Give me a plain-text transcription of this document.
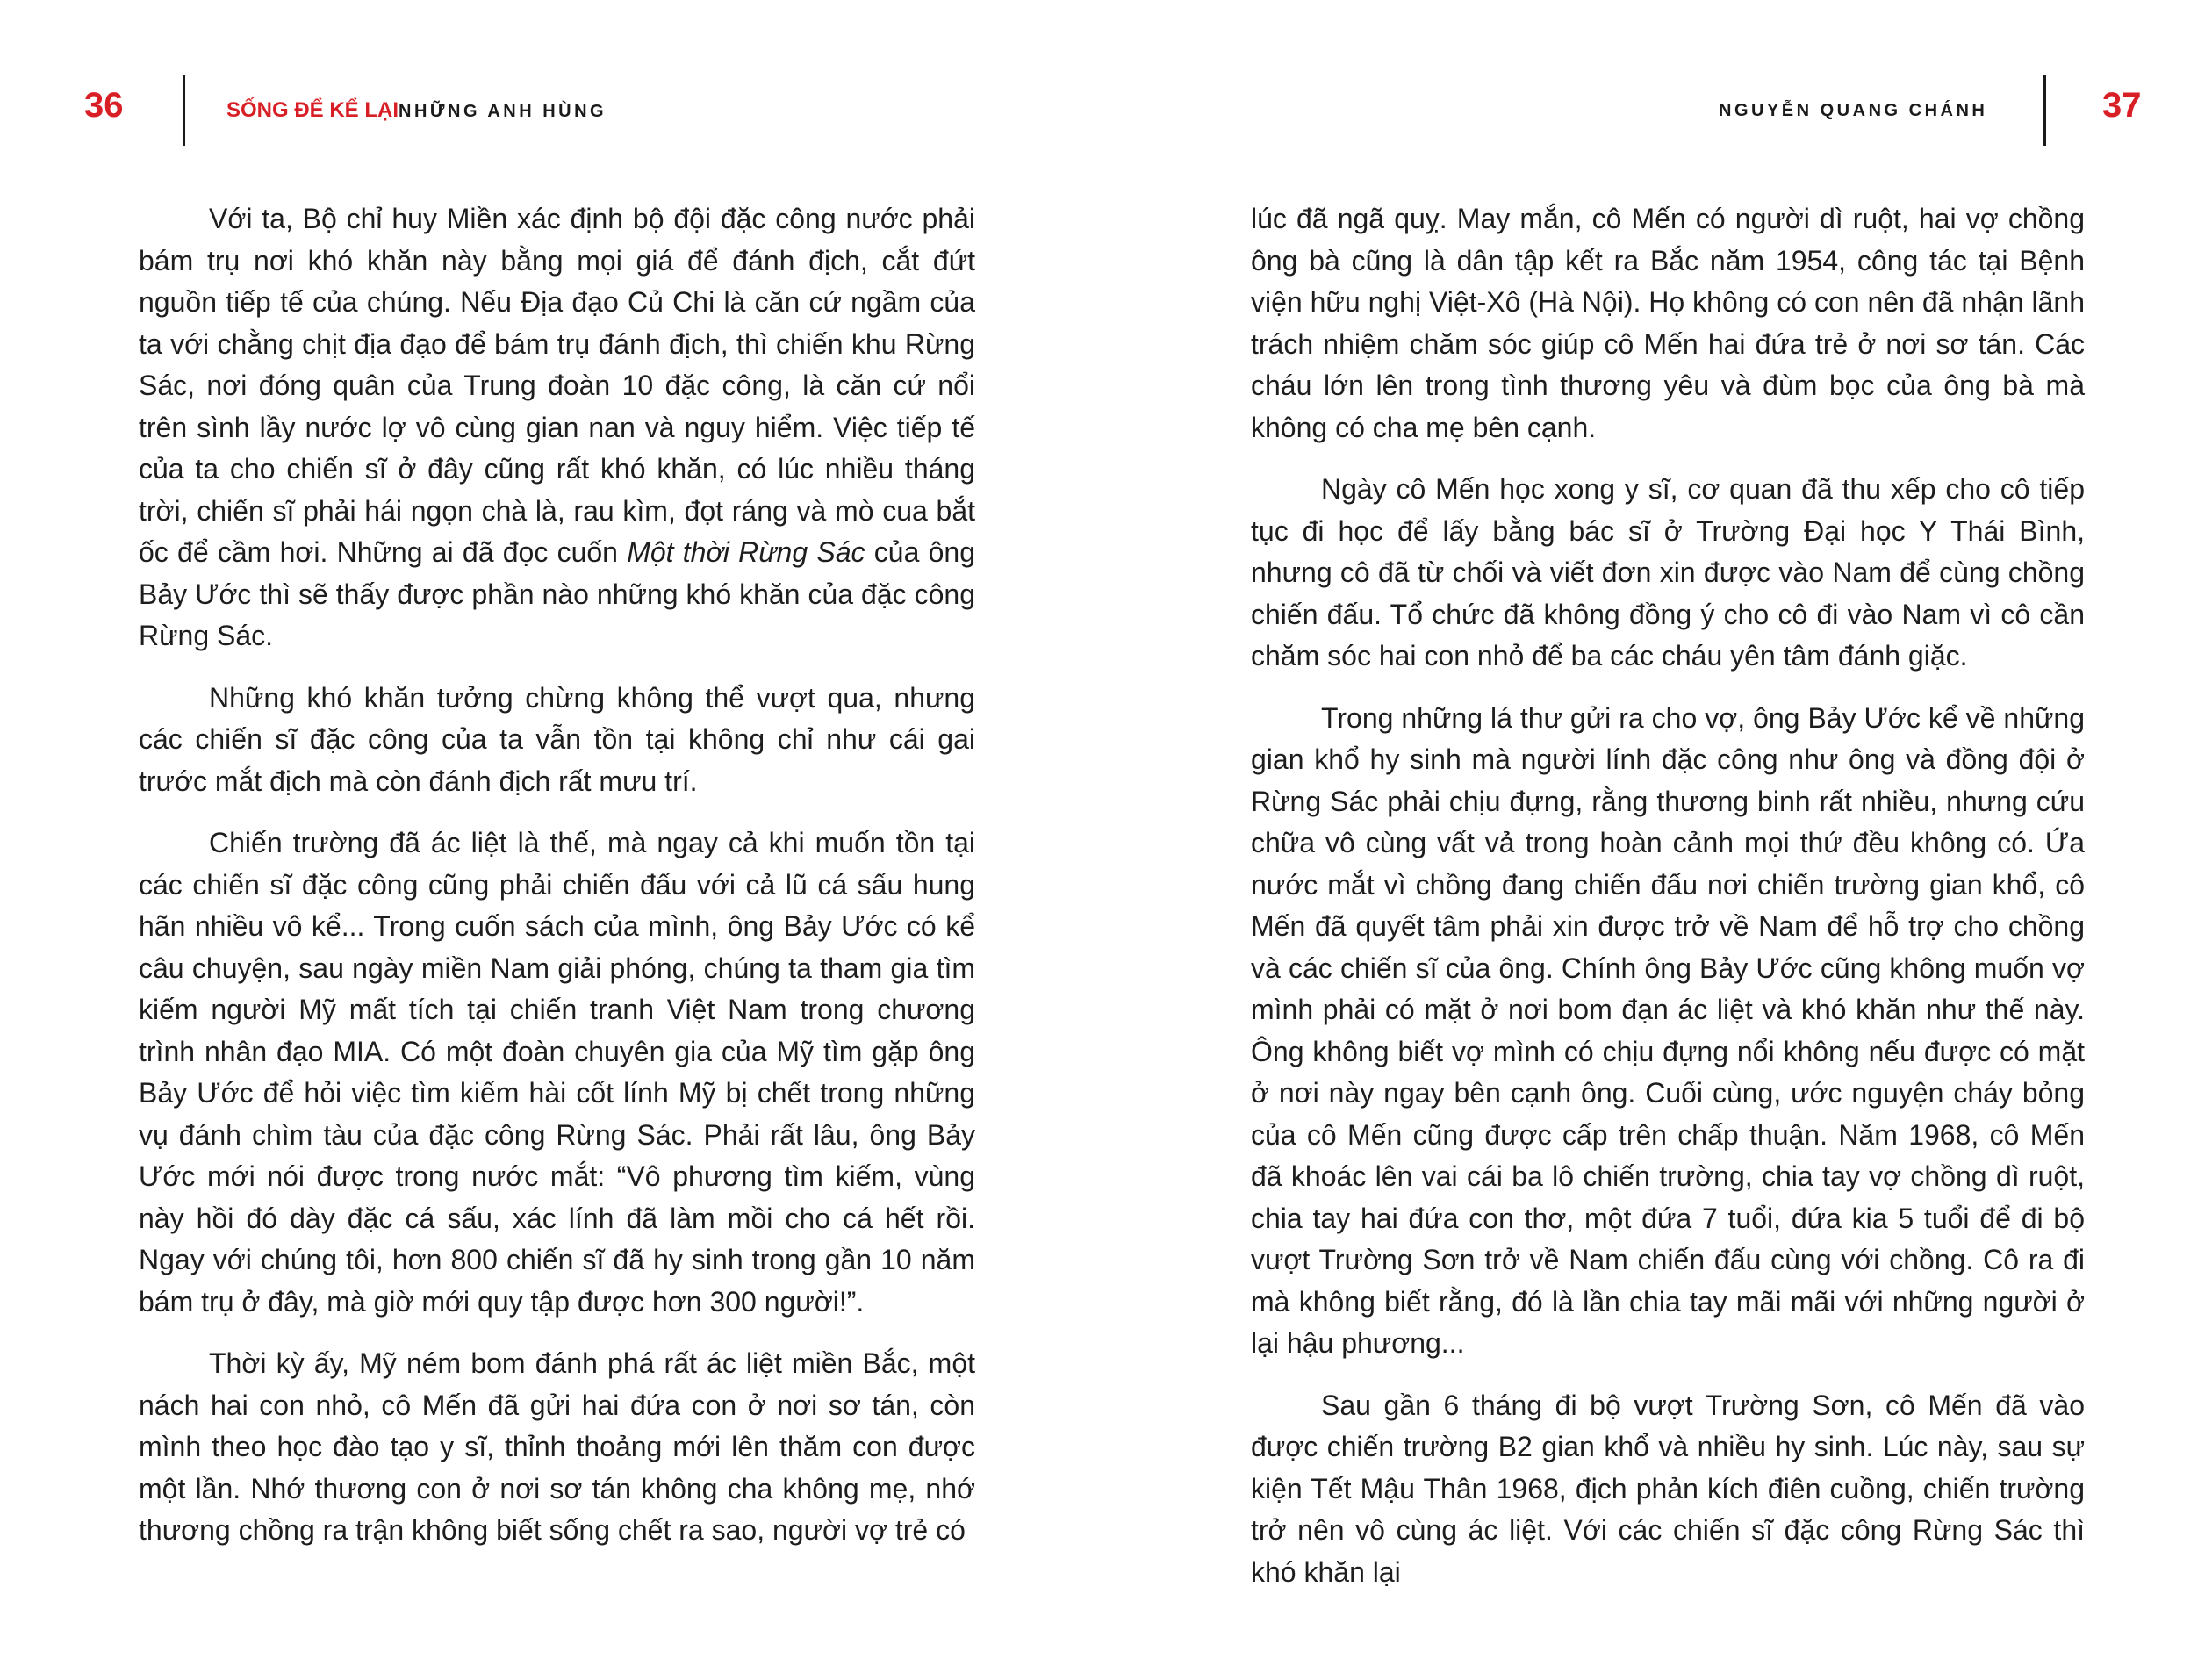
36	SỐNG ĐỂ KỂ LẠINHỮNG ANH HÙNG

Với ta, Bộ chỉ huy Miền xác định bộ đội đặc công nước phải bám trụ nơi khó khăn này bằng mọi giá để đánh địch, cắt đứt nguồn tiếp tế của chúng. Nếu Địa đạo Củ Chi là căn cứ ngầm của ta với chằng chịt địa đạo để bám trụ đánh địch, thì chiến khu Rừng Sác, nơi đóng quân của Trung đoàn 10 đặc công, là căn cứ nổi trên sình lầy nước lợ vô cùng gian nan và nguy hiểm. Việc tiếp tế của ta cho chiến sĩ ở đây cũng rất khó khăn, có lúc nhiều tháng trời, chiến sĩ phải hái ngọn chà là, rau kìm, đọt ráng và mò cua bắt ốc để cầm hơi. Những ai đã đọc cuốn Một thời Rừng Sác của ông Bảy Ước thì sẽ thấy được phần nào những khó khăn của đặc công Rừng Sác.

Những khó khăn tưởng chừng không thể vượt qua, nhưng các chiến sĩ đặc công của ta vẫn tồn tại không chỉ như cái gai trước mắt địch mà còn đánh địch rất mưu trí.

Chiến trường đã ác liệt là thế, mà ngay cả khi muốn tồn tại các chiến sĩ đặc công cũng phải chiến đấu với cả lũ cá sấu hung hãn nhiều vô kể... Trong cuốn sách của mình, ông Bảy Ước có kể câu chuyện, sau ngày miền Nam giải phóng, chúng ta tham gia tìm kiếm người Mỹ mất tích tại chiến tranh Việt Nam trong chương trình nhân đạo MIA. Có một đoàn chuyên gia của Mỹ tìm gặp ông Bảy Ước để hỏi việc tìm kiếm hài cốt lính Mỹ bị chết trong những vụ đánh chìm tàu của đặc công Rừng Sác. Phải rất lâu, ông Bảy Ước mới nói được trong nước mắt: “Vô phương tìm kiếm, vùng này hồi đó dày đặc cá sấu, xác lính đã làm mồi cho cá hết rồi. Ngay với chúng tôi, hơn 800 chiến sĩ đã hy sinh trong gần 10 năm bám trụ ở đây, mà giờ mới quy tập được hơn 300 người!”.

Thời kỳ ấy, Mỹ ném bom đánh phá rất ác liệt miền Bắc, một nách hai con nhỏ, cô Mến đã gửi hai đứa con ở nơi sơ tán, còn mình theo học đào tạo y sĩ, thỉnh thoảng mới lên thăm con được một lần. Nhớ thương con ở nơi sơ tán không cha không mẹ, nhớ thương chồng ra trận không biết sống chết ra sao, người vợ trẻ có

NGUYỄN QUANG CHÁNH	37

lúc đã ngã quỵ. May mắn, cô Mến có người dì ruột, hai vợ chồng ông bà cũng là dân tập kết ra Bắc năm 1954, công tác tại Bệnh viện hữu nghị Việt-Xô (Hà Nội). Họ không có con nên đã nhận lãnh trách nhiệm chăm sóc giúp cô Mến hai đứa trẻ ở nơi sơ tán. Các cháu lớn lên trong tình thương yêu và đùm bọc của ông bà mà không có cha mẹ bên cạnh.

Ngày cô Mến học xong y sĩ, cơ quan đã thu xếp cho cô tiếp tục đi học để lấy bằng bác sĩ ở Trường Đại học Y Thái Bình, nhưng cô đã từ chối và viết đơn xin được vào Nam để cùng chồng chiến đấu. Tổ chức đã không đồng ý cho cô đi vào Nam vì cô cần chăm sóc hai con nhỏ để ba các cháu yên tâm đánh giặc.

Trong những lá thư gửi ra cho vợ, ông Bảy Ước kể về những gian khổ hy sinh mà người lính đặc công như ông và đồng đội ở Rừng Sác phải chịu đựng, rằng thương binh rất nhiều, nhưng cứu chữa vô cùng vất vả trong hoàn cảnh mọi thứ đều không có. Ứa nước mắt vì chồng đang chiến đấu nơi chiến trường gian khổ, cô Mến đã quyết tâm phải xin được trở về Nam để hỗ trợ cho chồng và các chiến sĩ của ông. Chính ông Bảy Ước cũng không muốn vợ mình phải có mặt ở nơi bom đạn ác liệt và khó khăn như thế này. Ông không biết vợ mình có chịu đựng nổi không nếu được có mặt ở nơi này ngay bên cạnh ông. Cuối cùng, ước nguyện cháy bỏng của cô Mến cũng được cấp trên chấp thuận. Năm 1968, cô Mến đã khoác lên vai cái ba lô chiến trường, chia tay vợ chồng dì ruột, chia tay hai đứa con thơ, một đứa 7 tuổi, đứa kia 5 tuổi để đi bộ vượt Trường Sơn trở về Nam chiến đấu cùng với chồng. Cô ra đi mà không biết rằng, đó là lần chia tay mãi mãi với những người ở lại hậu phương...

Sau gần 6 tháng đi bộ vượt Trường Sơn, cô Mến đã vào được chiến trường B2 gian khổ và nhiều hy sinh. Lúc này, sau sự kiện Tết Mậu Thân 1968, địch phản kích điên cuồng, chiến trường trở nên vô cùng ác liệt. Với các chiến sĩ đặc công Rừng Sác thì khó khăn lại
